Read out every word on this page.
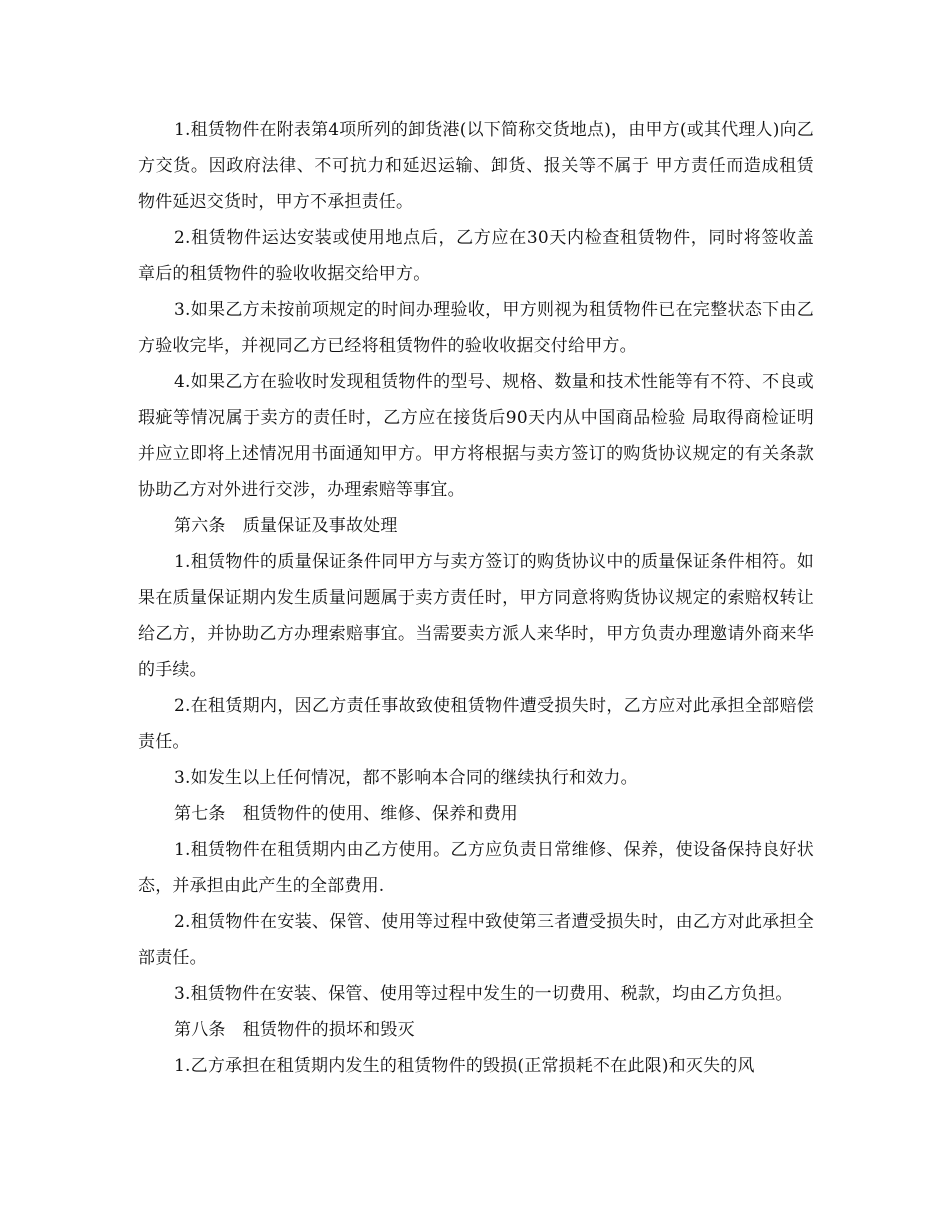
1.租赁物件在附表第4项所列的卸货港(以下简称交货地点)，由甲方(或其代理人)向乙方交货。因政府法律、不可抗力和延迟运输、卸货、报关等不属于 甲方责任而造成租赁物件延迟交货时，甲方不承担责任。

2.租赁物件运达安装或使用地点后，乙方应在30天内检查租赁物件，同时将签收盖章后的租赁物件的验收收据交给甲方。

3.如果乙方未按前项规定的时间办理验收，甲方则视为租赁物件已在完整状态下由乙方验收完毕，并视同乙方已经将租赁物件的验收收据交付给甲方。

4.如果乙方在验收时发现租赁物件的型号、规格、数量和技术性能等有不符、不良或瑕疵等情况属于卖方的责任时，乙方应在接货后90天内从中国商品检验 局取得商检证明并应立即将上述情况用书面通知甲方。甲方将根据与卖方签订的购货协议规定的有关条款协助乙方对外进行交涉，办理索赔等事宜。

第六条　质量保证及事故处理

1.租赁物件的质量保证条件同甲方与卖方签订的购货协议中的质量保证条件相符。如果在质量保证期内发生质量问题属于卖方责任时，甲方同意将购货协议规定的索赔权转让给乙方，并协助乙方办理索赔事宜。当需要卖方派人来华时，甲方负责办理邀请外商来华的手续。

2.在租赁期内，因乙方责任事故致使租赁物件遭受损失时，乙方应对此承担全部赔偿责任。

3.如发生以上任何情况，都不影响本合同的继续执行和效力。

第七条　租赁物件的使用、维修、保养和费用

1.租赁物件在租赁期内由乙方使用。乙方应负责日常维修、保养，使设备保持良好状态，并承担由此产生的全部费用.

2.租赁物件在安装、保管、使用等过程中致使第三者遭受损失时，由乙方对此承担全部责任。

3.租赁物件在安装、保管、使用等过程中发生的一切费用、税款，均由乙方负担。

第八条　租赁物件的损坏和毁灭

1.乙方承担在租赁期内发生的租赁物件的毁损(正常损耗不在此限)和灭失的风
